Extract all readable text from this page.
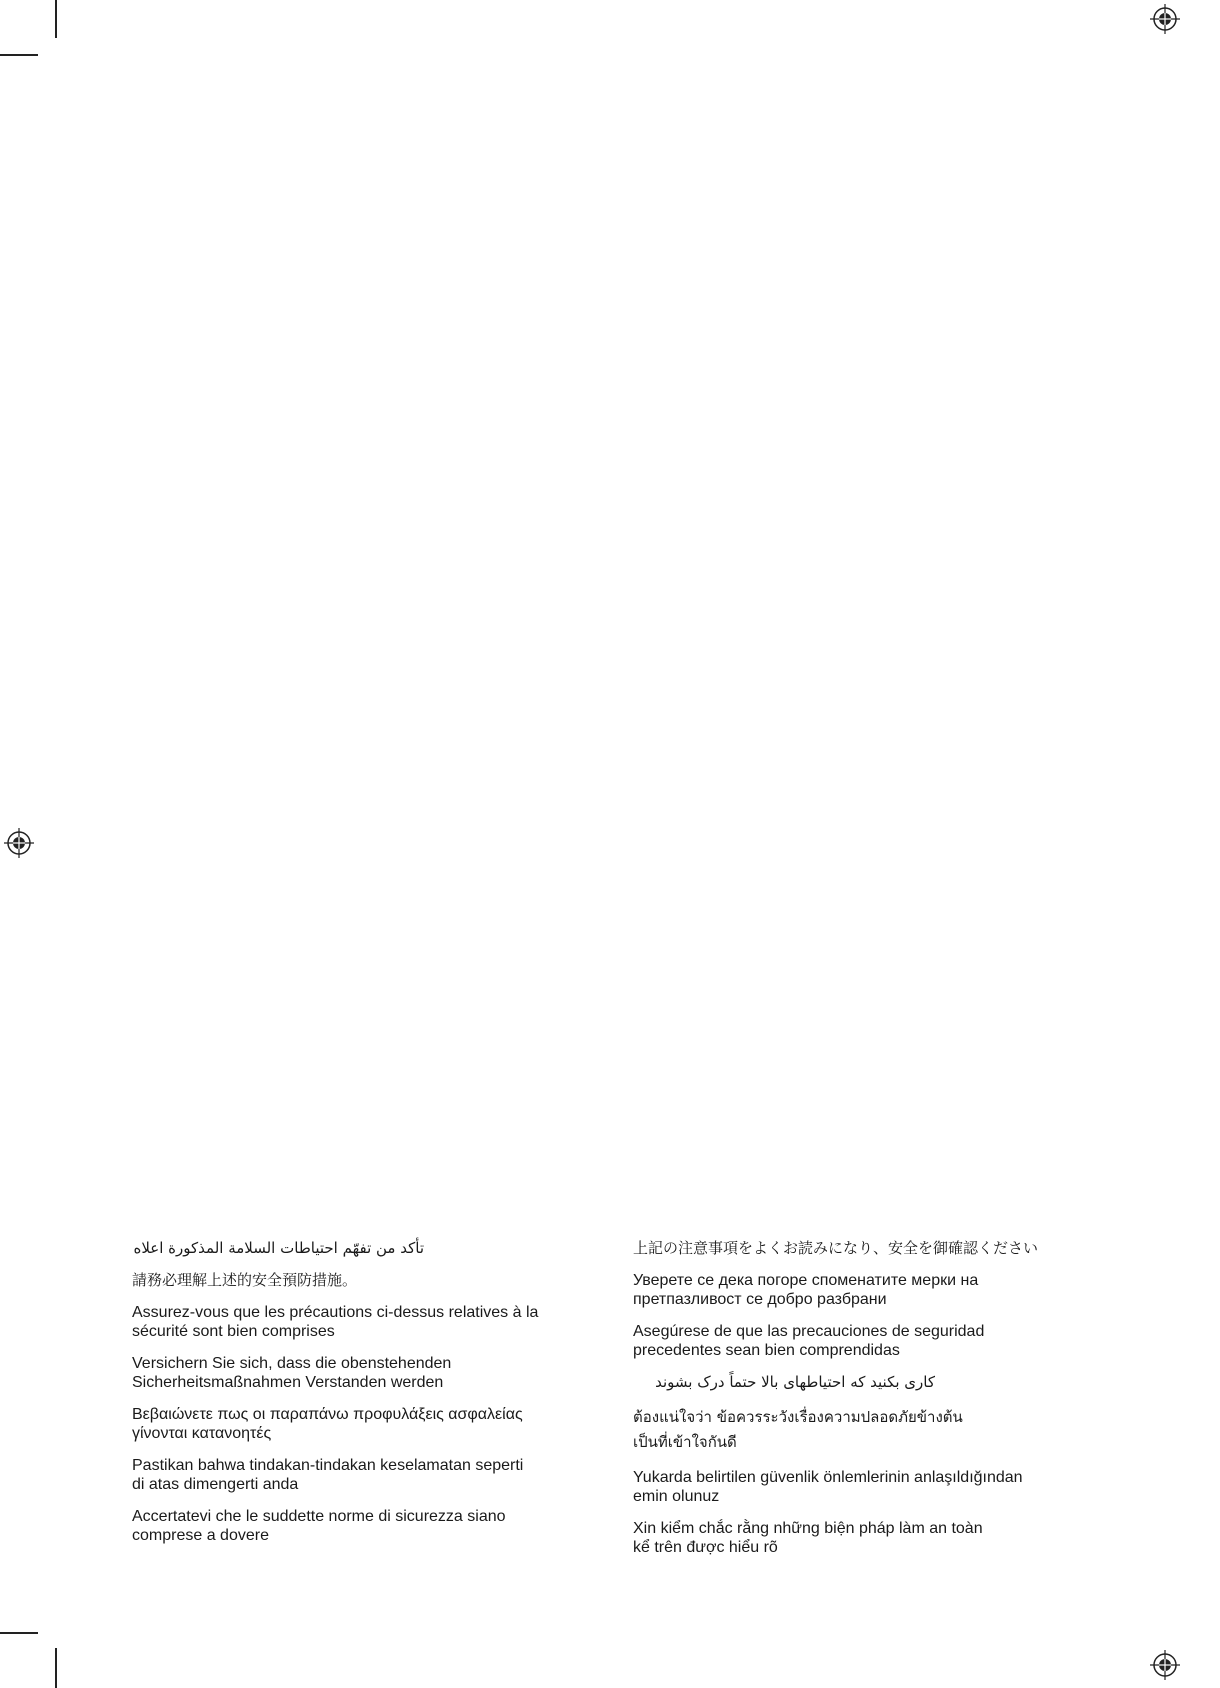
تأكد من تفهّم احتياطات السلامة المذكورة اعلاه

請務必理解上述的安全預防措施。

Assurez-vous que les précautions ci-dessus relatives à la
sécurité sont bien comprises

Versichern Sie sich, dass die obenstehenden
Sicherheitsmaßnahmen Verstanden werden

Βεβαιώνετε πως οι παραπάνω προφυλάξεις ασφαλείας
γίνονται κατανοητές

Pastikan bahwa tindakan-tindakan keselamatan seperti
di atas dimengerti anda

Accertatevi che le suddette norme di sicurezza siano
comprese a dovere

上記の注意事項をよくお読みになり、安全を御確認ください

Уверете се дека погоре споменатите мерки на
претпазливост се добро разбрани

Asegúrese de que las precauciones de seguridad
precedentes sean bien comprendidas

کاری بکنید که احتیاطهای بالا حتماً درک بشوند

ต้องแน่ใจว่า ข้อควรระวังเรื่องความปลอดภัยข้างต้น
เป็นที่เข้าใจกันดี

Yukarda belirtilen güvenlik önlemlerinin anlaşıldığından
emin olunuz

Xin kiểm chắc rằng những biện pháp làm an toàn
kể trên được hiểu rõ
